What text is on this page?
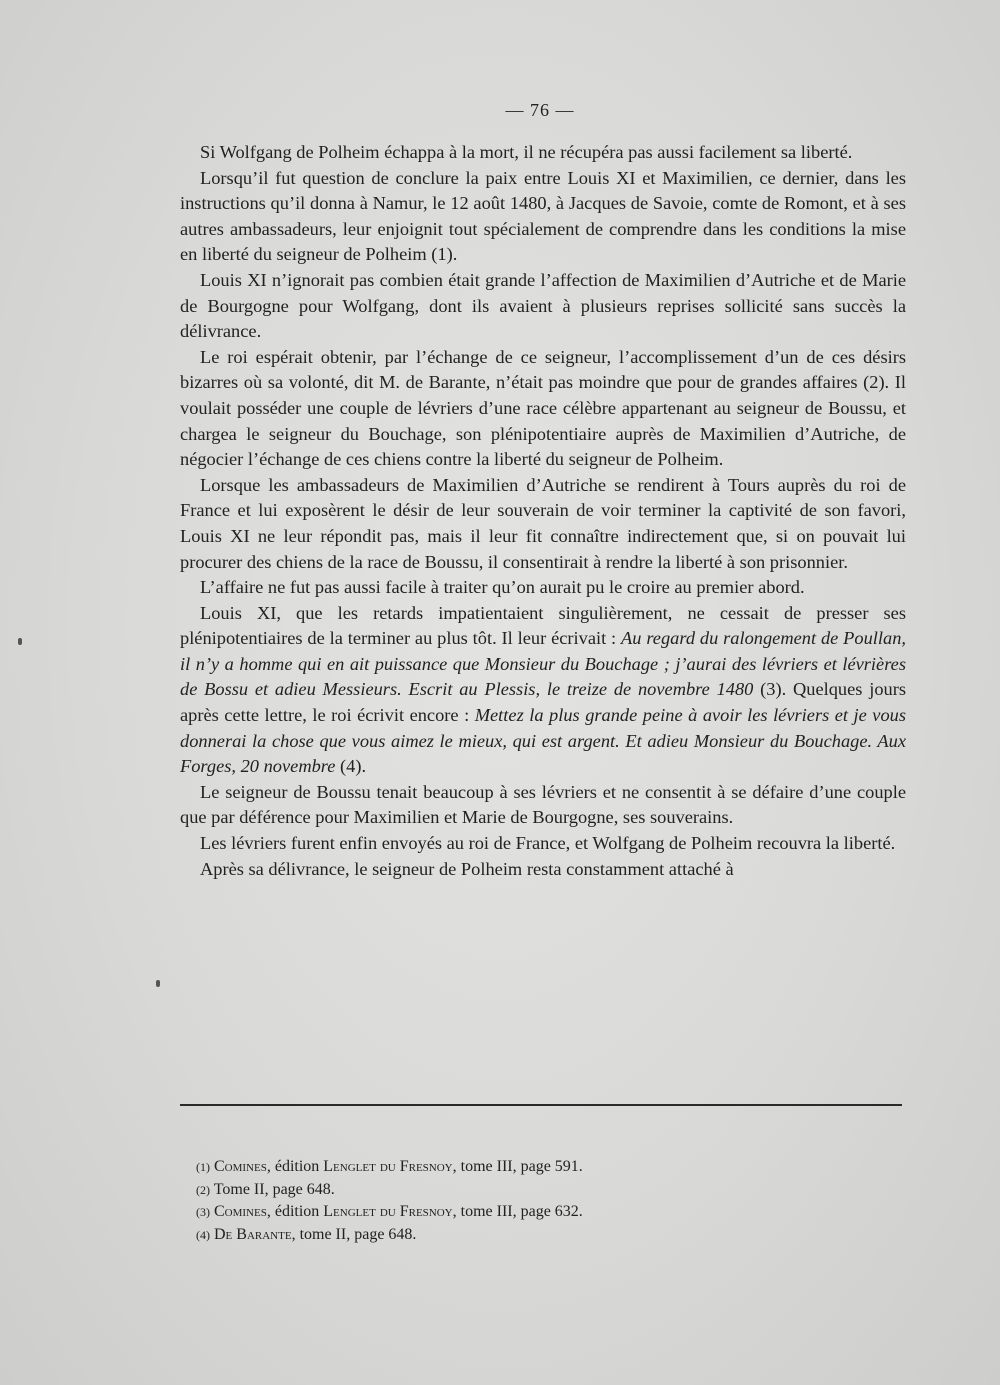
— 76 —

Si Wolfgang de Polheim échappa à la mort, il ne récupéra pas aussi facilement sa liberté.

Lorsqu’il fut question de conclure la paix entre Louis XI et Maximilien, ce dernier, dans les instructions qu’il donna à Namur, le 12 août 1480, à Jacques de Savoie, comte de Romont, et à ses autres ambassadeurs, leur enjoignit tout spécialement de comprendre dans les conditions la mise en liberté du seigneur de Polheim (1).

Louis XI n’ignorait pas combien était grande l’affection de Maximilien d’Autriche et de Marie de Bourgogne pour Wolfgang, dont ils avaient à plusieurs reprises sollicité sans succès la délivrance.

Le roi espérait obtenir, par l’échange de ce seigneur, l’accomplissement d’un de ces désirs bizarres où sa volonté, dit M. de Barante, n’était pas moindre que pour de grandes affaires (2). Il voulait posséder une couple de lévriers d’une race célèbre appartenant au seigneur de Boussu, et chargea le seigneur du Bouchage, son plénipotentiaire auprès de Maximilien d’Autriche, de négocier l’échange de ces chiens contre la liberté du seigneur de Polheim.

Lorsque les ambassadeurs de Maximilien d’Autriche se rendirent à Tours auprès du roi de France et lui exposèrent le désir de leur souverain de voir terminer la captivité de son favori, Louis XI ne leur répondit pas, mais il leur fit connaître indirectement que, si on pouvait lui procurer des chiens de la race de Boussu, il consentirait à rendre la liberté à son prisonnier.

L’affaire ne fut pas aussi facile à traiter qu’on aurait pu le croire au premier abord.

Louis XI, que les retards impatientaient singulièrement, ne cessait de presser ses plénipotentiaires de la terminer au plus tôt. Il leur écrivait : Au regard du ralongement de Poullan, il n’y a homme qui en ait puissance que Monsieur du Bouchage ; j’aurai des lévriers et lévrières de Bossu et adieu Messieurs. Escrit au Plessis, le treize de novembre 1480 (3). Quelques jours après cette lettre, le roi écrivit encore : Mettez la plus grande peine à avoir les lévriers et je vous donnerai la chose que vous aimez le mieux, qui est argent. Et adieu Monsieur du Bouchage. Aux Forges, 20 novembre (4).

Le seigneur de Boussu tenait beaucoup à ses lévriers et ne consentit à se défaire d’une couple que par déférence pour Maximilien et Marie de Bourgogne, ses souverains.

Les lévriers furent enfin envoyés au roi de France, et Wolfgang de Polheim recouvra la liberté.

Après sa délivrance, le seigneur de Polheim resta constamment attaché à

(1) Comines, édition Lenglet du Fresnoy, tome III, page 591.
(2) Tome II, page 648.
(3) Comines, édition Lenglet du Fresnoy, tome III, page 632.
(4) De Barante, tome II, page 648.
